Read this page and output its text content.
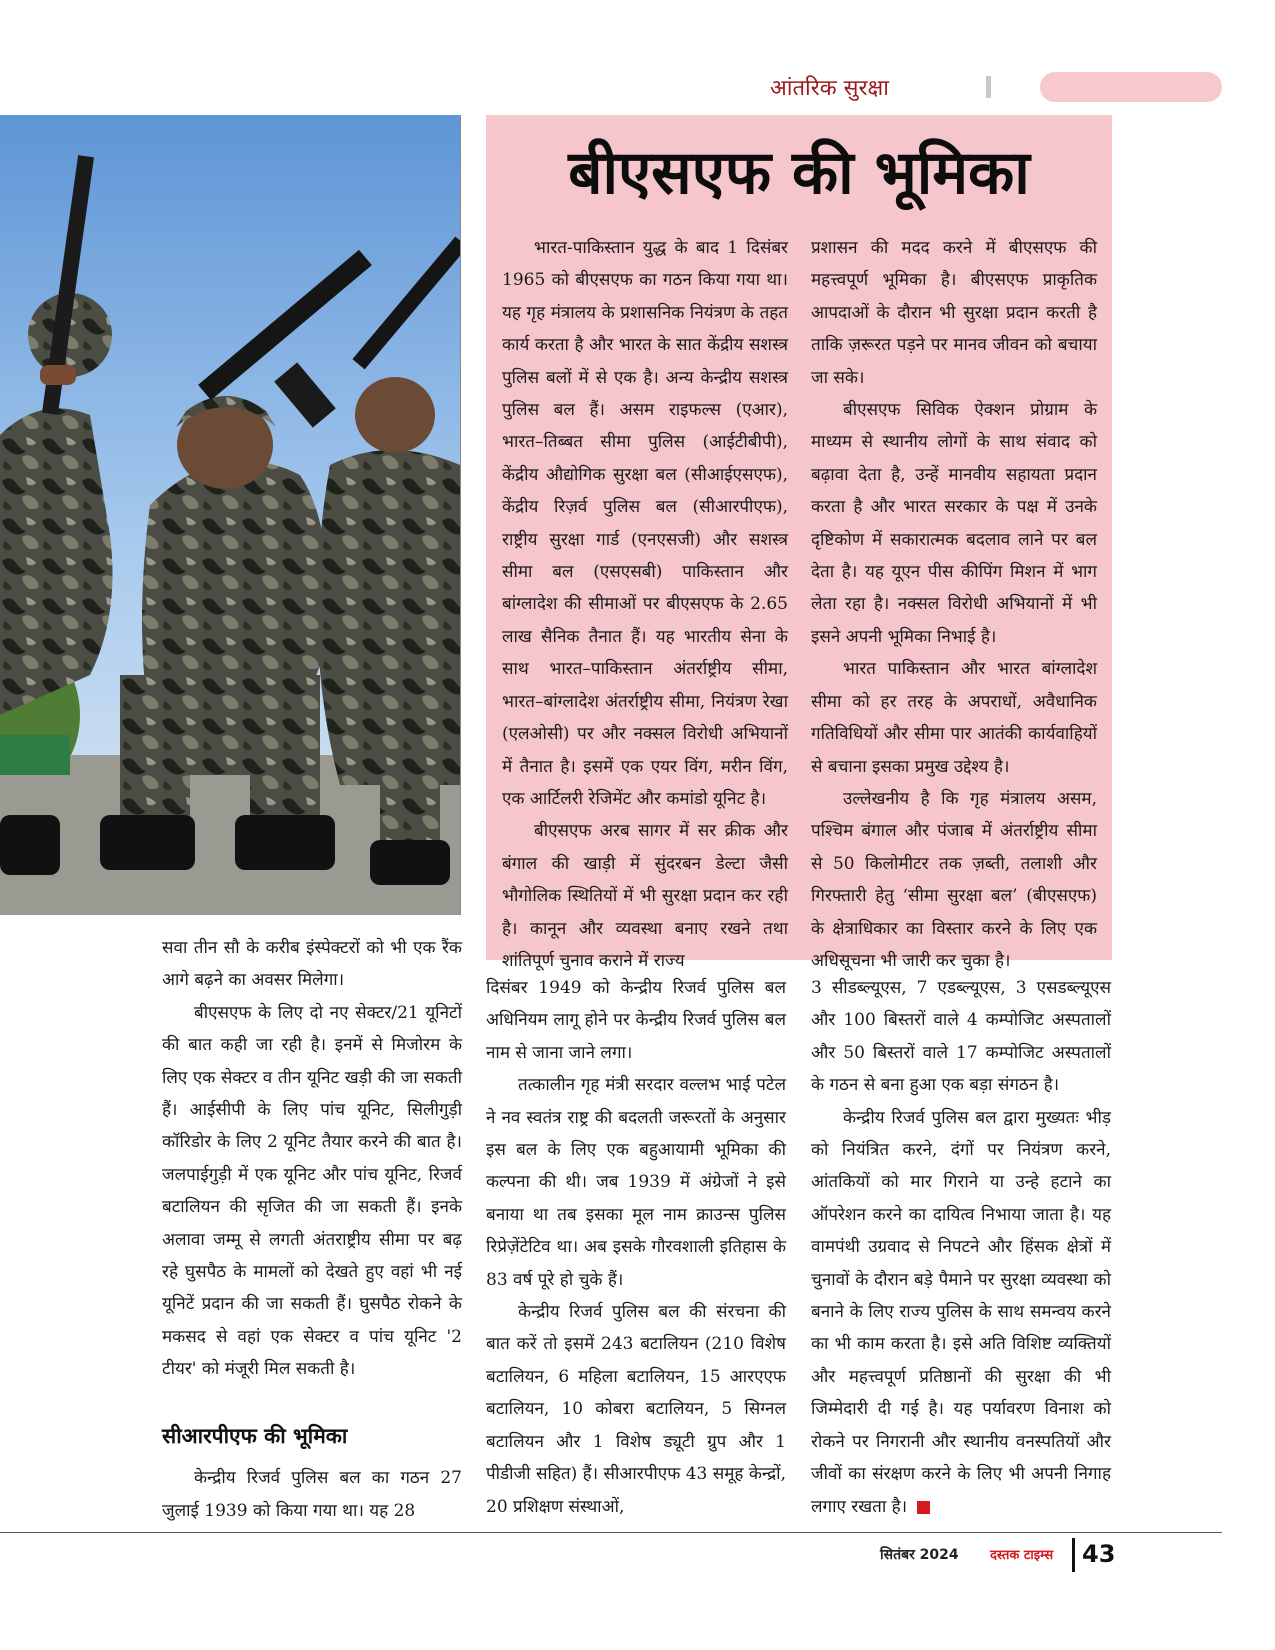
आंतरिक सुरक्षा
बीएसएफ की भूमिका

भारत-पाकिस्तान युद्ध के बाद 1 दिसंबर 1965 को बीएसएफ का गठन किया गया था। यह गृह मंत्रालय के प्रशासनिक नियंत्रण के तहत कार्य करता है और भारत के सात केंद्रीय सशस्त्र पुलिस बलों में से एक है। अन्य केन्द्रीय सशस्त्र पुलिस बल हैं। असम राइफल्स (एआर), भारत–तिब्बत सीमा पुलिस (आईटीबीपी), केंद्रीय औद्योगिक सुरक्षा बल (सीआईएसएफ), केंद्रीय रिज़र्व पुलिस बल (सीआरपीएफ), राष्ट्रीय सुरक्षा गार्ड (एनएसजी) और सशस्त्र सीमा बल (एसएसबी) पाकिस्तान और बांग्लादेश की सीमाओं पर बीएसएफ के 2.65 लाख सैनिक तैनात हैं। यह भारतीय सेना के साथ भारत–पाकिस्तान अंतर्राष्ट्रीय सीमा, भारत–बांग्लादेश अंतर्राष्ट्रीय सीमा, नियंत्रण रेखा (एलओसी) पर और नक्सल विरोधी अभियानों में तैनात है। इसमें एक एयर विंग, मरीन विंग, एक आर्टिलरी रेजिमेंट और कमांडो यूनिट है।

बीएसएफ अरब सागर में सर क्रीक और बंगाल की खाड़ी में सुंदरबन डेल्टा जैसी भौगोलिक स्थितियों में भी सुरक्षा प्रदान कर रही है। कानून और व्यवस्था बनाए रखने तथा शांतिपूर्ण चुनाव कराने में राज्य

प्रशासन की मदद करने में बीएसएफ की महत्त्वपूर्ण भूमिका है। बीएसएफ प्राकृतिक आपदाओं के दौरान भी सुरक्षा प्रदान करती है ताकि ज़रूरत पड़ने पर मानव जीवन को बचाया जा सके।

बीएसएफ सिविक ऐक्शन प्रोग्राम के माध्यम से स्थानीय लोगों के साथ संवाद को बढ़ावा देता है, उन्हें मानवीय सहायता प्रदान करता है और भारत सरकार के पक्ष में उनके दृष्टिकोण में सकारात्मक बदलाव लाने पर बल देता है। यह यूएन पीस कीपिंग मिशन में भाग लेता रहा है। नक्सल विरोधी अभियानों में भी इसने अपनी भूमिका निभाई है।

भारत पाकिस्तान और भारत बांग्लादेश सीमा को हर तरह के अपराधों, अवैधानिक गतिविधियों और सीमा पार आतंकी कार्यवाहियों से बचाना इसका प्रमुख उद्देश्य है।

उल्लेखनीय है कि गृह मंत्रालय असम, पश्चिम बंगाल और पंजाब में अंतर्राष्ट्रीय सीमा से 50 किलोमीटर तक ज़ब्ती, तलाशी और गिरफ्तारी हेतु ‘सीमा सुरक्षा बल’ (बीएसएफ) के क्षेत्राधिकार का विस्तार करने के लिए एक अधिसूचना भी जारी कर चुका है।

सवा तीन सौ के करीब इंस्पेक्टरों को भी एक रैंक आगे बढ़ने का अवसर मिलेगा।

बीएसएफ के लिए दो नए सेक्टर/21 यूनिटों की बात कही जा रही है। इनमें से मिजोरम के लिए एक सेक्टर व तीन यूनिट खड़ी की जा सकती हैं। आईसीपी के लिए पांच यूनिट, सिलीगुड़ी कॉरिडोर के लिए 2 यूनिट तैयार करने की बात है। जलपाईगुड़ी में एक यूनिट और पांच यूनिट, रिजर्व बटालियन की सृजित की जा सकती हैं। इनके अलावा जम्मू से लगती अंतराष्ट्रीय सीमा पर बढ़ रहे घुसपैठ के मामलों को देखते हुए वहां भी नई यूनिटें प्रदान की जा सकती हैं। घुसपैठ रोकने के मकसद से वहां एक सेक्टर व पांच यूनिट '2 टीयर' को मंजूरी मिल सकती है।

सीआरपीएफ की भूमिका

केन्द्रीय रिजर्व पुलिस बल का गठन 27 जुलाई 1939 को किया गया था। यह 28

दिसंबर 1949 को केन्द्रीय रिजर्व पुलिस बल अधिनियम लागू होने पर केन्द्रीय रिजर्व पुलिस बल नाम से जाना जाने लगा।

तत्कालीन गृह मंत्री सरदार वल्लभ भाई पटेल ने नव स्वतंत्र राष्ट्र की बदलती जरूरतों के अनुसार इस बल के लिए एक बहुआयामी भूमिका की कल्पना की थी। जब 1939 में अंग्रेजों ने इसे बनाया था तब इसका मूल नाम क्राउन्स पुलिस रिप्रेज़ेंटेटिव था। अब इसके गौरवशाली इतिहास के 83 वर्ष पूरे हो चुके हैं।

केन्द्रीय रिजर्व पुलिस बल की संरचना की बात करें तो इसमें 243 बटालियन (210 विशेष बटालियन, 6 महिला बटालियन, 15 आरएएफ बटालियन, 10 कोबरा बटालियन, 5 सिग्नल बटालियन और 1 विशेष ड्यूटी ग्रुप और 1 पीडीजी सहित) हैं। सीआरपीएफ 43 समूह केन्द्रों, 20 प्रशिक्षण संस्थाओं,

3 सीडब्ल्यूएस, 7 एडब्ल्यूएस, 3 एसडब्ल्यूएस और 100 बिस्तरों वाले 4 कम्पोजिट अस्पतालों और 50 बिस्तरों वाले 17 कम्पोजिट अस्पतालों के गठन से बना हुआ एक बड़ा संगठन है।

केन्द्रीय रिजर्व पुलिस बल द्वारा मुख्यतः भीड़ को नियंत्रित करने, दंगों पर नियंत्रण करने, आंतकियों को मार गिराने या उन्हे हटाने का ऑपरेशन करने का दायित्व निभाया जाता है। यह वामपंथी उग्रवाद से निपटने और हिंसक क्षेत्रों में चुनावों के दौरान बड़े पैमाने पर सुरक्षा व्यवस्था को बनाने के लिए राज्य पुलिस के साथ समन्वय करने का भी काम करता है। इसे अति विशिष्ट व्यक्तियों और महत्त्वपूर्ण प्रतिष्ठानों की सुरक्षा की भी जिम्मेदारी दी गई है। यह पर्यावरण विनाश को रोकने पर निगरानी और स्थानीय वनस्पतियों और जीवों का संरक्षण करने के लिए भी अपनी निगाह लगाए रखता है।

सितंबर 2024	दस्तक टाइम्स	43
